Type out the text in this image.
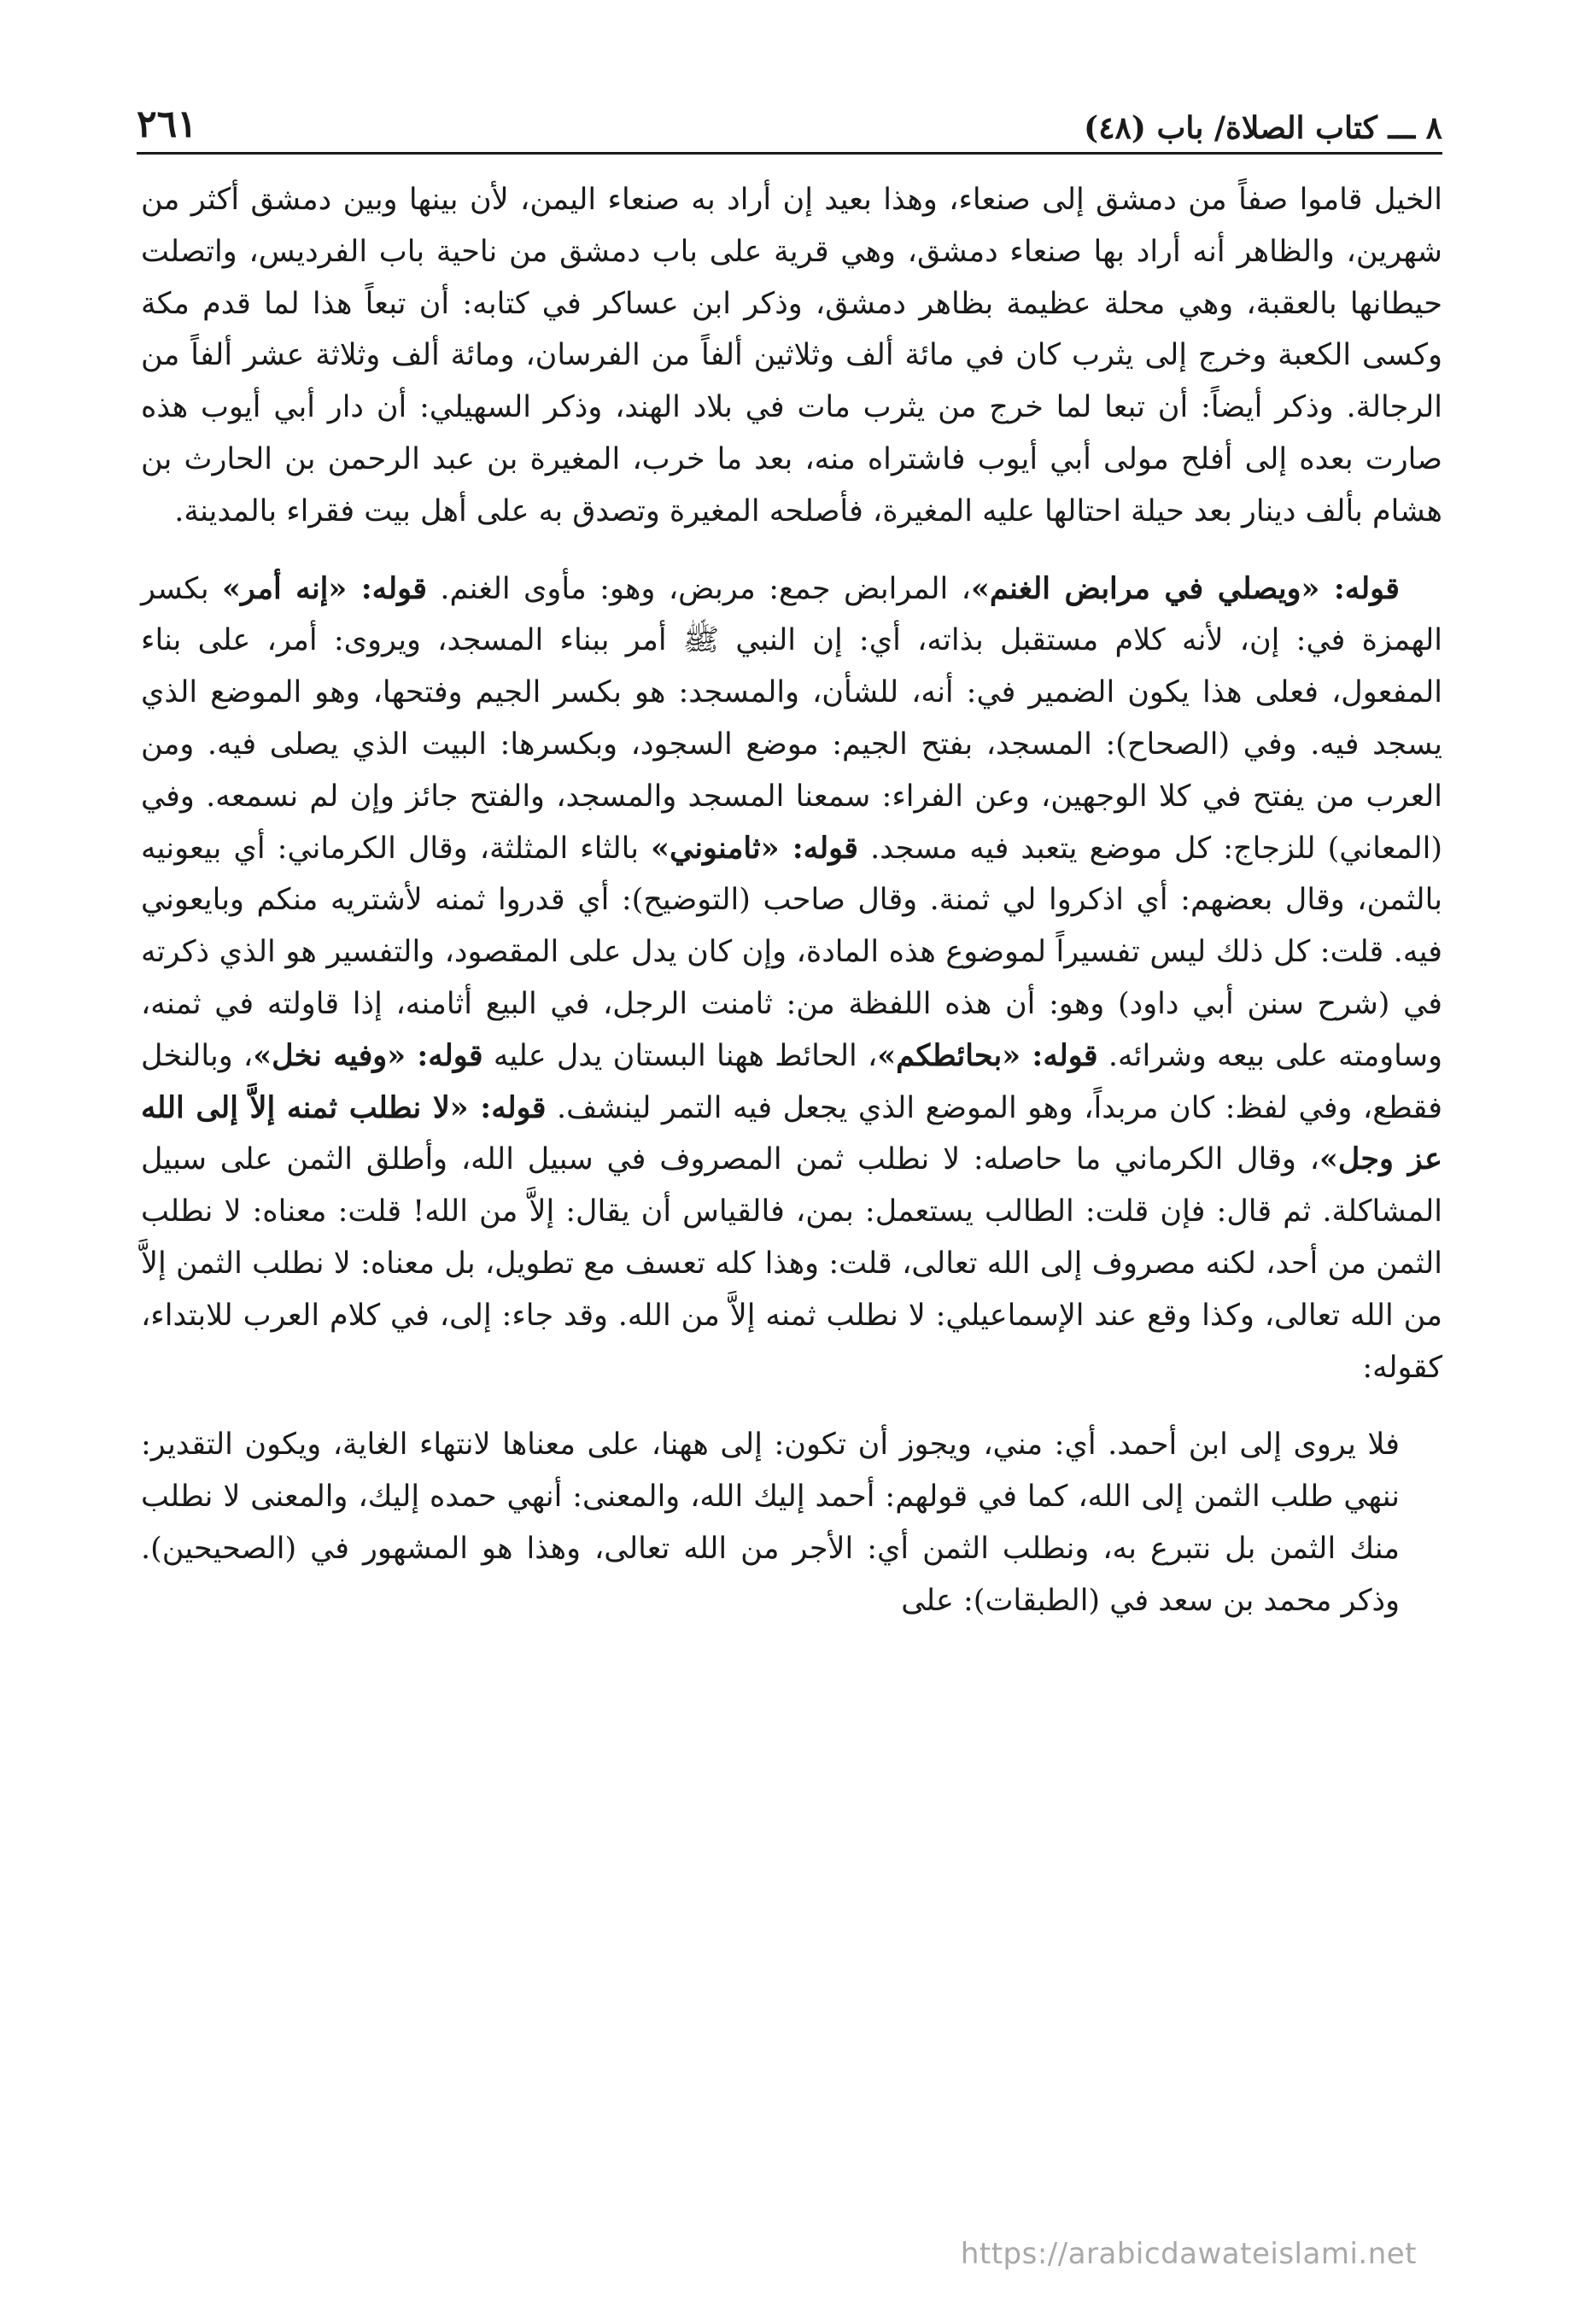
٨ ـــ كتاب الصلاة/ باب (٤٨)
٢٦١

الخيل قاموا صفاً من دمشق إلى صنعاء، وهذا بعيد إن أراد به صنعاء اليمن، لأن بينها وبين دمشق أكثر من شهرين، والظاهر أنه أراد بها صنعاء دمشق، وهي قرية على باب دمشق من ناحية باب الفرديس، واتصلت حيطانها بالعقبة، وهي محلة عظيمة بظاهر دمشق، وذكر ابن عساكر في كتابه: أن تبعاً هذا لما قدم مكة وكسى الكعبة وخرج إلى يثرب كان في مائة ألف وثلاثين ألفاً من الفرسان، ومائة ألف وثلاثة عشر ألفاً من الرجالة. وذكر أيضاً: أن تبعا لما خرج من يثرب مات في بلاد الهند، وذكر السهيلي: أن دار أبي أيوب هذه صارت بعده إلى أفلح مولى أبي أيوب فاشتراه منه، بعد ما خرب، المغيرة بن عبد الرحمن بن الحارث بن هشام بألف دينار بعد حيلة احتالها عليه المغيرة، فأصلحه المغيرة وتصدق به على أهل بيت فقراء بالمدينة.

قوله: «ويصلي في مرابض الغنم»، المرابض جمع: مربض، وهو: مأوى الغنم. قوله: «إنه أمر» بكسر الهمزة في: إن، لأنه كلام مستقبل بذاته، أي: إن النبي ﷺ أمر ببناء المسجد، ويروى: أمر، على بناء المفعول، فعلى هذا يكون الضمير في: أنه، للشأن، والمسجد: هو بكسر الجيم وفتحها، وهو الموضع الذي يسجد فيه. وفي (الصحاح): المسجد، بفتح الجيم: موضع السجود، وبكسرها: البيت الذي يصلى فيه. ومن العرب من يفتح في كلا الوجهين، وعن الفراء: سمعنا المسجد والمسجد، والفتح جائز وإن لم نسمعه. وفي (المعاني) للزجاج: كل موضع يتعبد فيه مسجد. قوله: «ثامنوني» بالثاء المثلثة، وقال الكرماني: أي بيعونيه بالثمن، وقال بعضهم: أي اذكروا لي ثمنة. وقال صاحب (التوضيح): أي قدروا ثمنه لأشتريه منكم وبايعوني فيه. قلت: كل ذلك ليس تفسيراً لموضوع هذه المادة، وإن كان يدل على المقصود، والتفسير هو الذي ذكرته في (شرح سنن أبي داود) وهو: أن هذه اللفظة من: ثامنت الرجل، في البيع أثامنه، إذا قاولته في ثمنه، وساومته على بيعه وشرائه. قوله: «بحائطكم»، الحائط ههنا البستان يدل عليه قوله: «وفيه نخل»، وبالنخل فقطع، وفي لفظ: كان مربداً، وهو الموضع الذي يجعل فيه التمر لينشف. قوله: «لا نطلب ثمنه إلاَّ إلى الله عز وجل»، وقال الكرماني ما حاصله: لا نطلب ثمن المصروف في سبيل الله، وأطلق الثمن على سبيل المشاكلة. ثم قال: فإن قلت: الطالب يستعمل: بمن، فالقياس أن يقال: إلاَّ من الله! قلت: معناه: لا نطلب الثمن من أحد، لكنه مصروف إلى الله تعالى، قلت: وهذا كله تعسف مع تطويل، بل معناه: لا نطلب الثمن إلاَّ من الله تعالى، وكذا وقع عند الإسماعيلي: لا نطلب ثمنه إلاَّ من الله. وقد جاء: إلى، في كلام العرب للابتداء، كقوله:

فلا يروى إلى ابن أحمد. أي: مني، ويجوز أن تكون: إلى ههنا، على معناها لانتهاء الغاية، ويكون التقدير: ننهي طلب الثمن إلى الله، كما في قولهم: أحمد إليك الله، والمعنى: أنهي حمده إليك، والمعنى لا نطلب منك الثمن بل نتبرع به، ونطلب الثمن أي: الأجر من الله تعالى، وهذا هو المشهور في (الصحيحين). وذكر محمد بن سعد في (الطبقات): على

https://arabicdawateislami.net
